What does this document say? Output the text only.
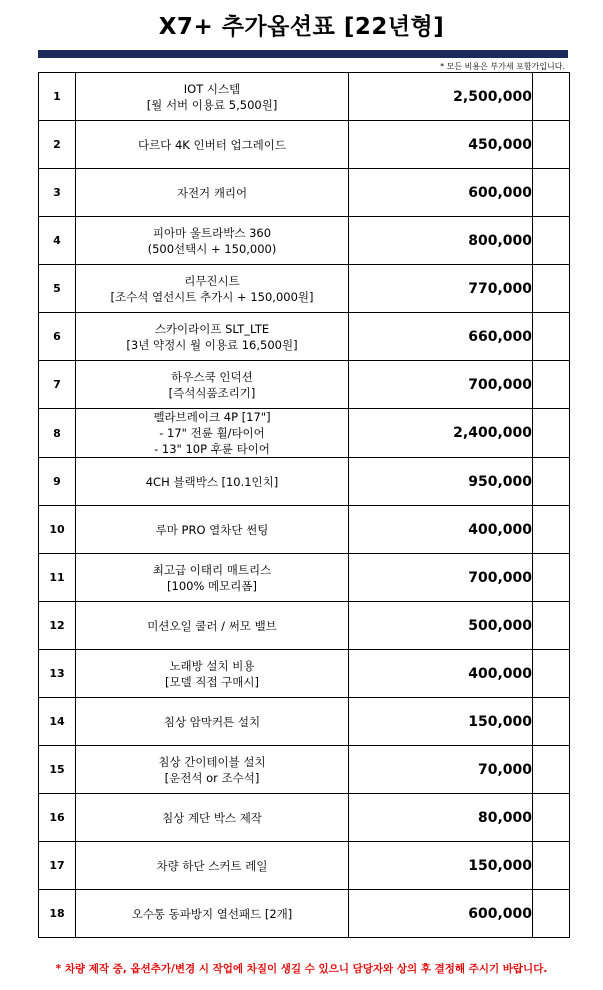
X7+ 추가옵션표 [22년형]
* 모든 비용은 부가세 포함가입니다.
1	IOT 시스템
[월 서버 이용료 5,500원]	2,500,000	
2	다르다 4K 인버터 업그레이드	450,000	
3	자전거 캐리어	600,000	
4	피아마 울트라박스 360
(500선택시 + 150,000)	800,000	
5	리무진시트
[조수석 열선시트 추가시 + 150,000원]	770,000	
6	스카이라이프 SLT_LTE
[3년 약정시 월 이용료 16,500원]	660,000	
7	하우스쿡 인덕션
[즉석식품조리기]	700,000	
8	펠라브레이크 4P [17"]
- 17" 전륜 휠/타이어
- 13" 10P 후륜 타이어	2,400,000	
9	4CH 블랙박스 [10.1인치]	950,000	
10	루마 PRO 열차단 썬팅	400,000	
11	최고급 이태리 매트리스
[100% 메모리폼]	700,000	
12	미션오일 쿨러 / 써모 밸브	500,000	
13	노래방 설치 비용
[모델 직접 구매시]	400,000	
14	침상 암막커튼 설치	150,000	
15	침상 간이테이블 설치
[운전석 or 조수석]	70,000	
16	침상 계단 박스 제작	80,000	
17	차량 하단 스커트 레일	150,000	
18	오수통 동파방지 열선패드 [2개]	600,000	
* 차량 제작 중, 옵션추가/변경 시 작업에 차질이 생길 수 있으니 담당자와 상의 후 결정해 주시기 바랍니다.
